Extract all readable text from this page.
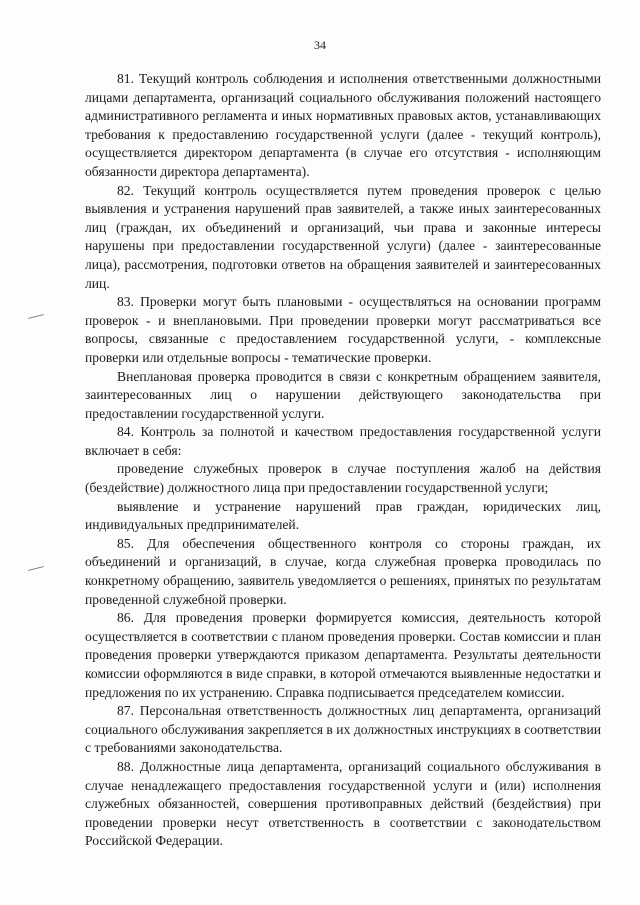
34

81. Текущий контроль соблюдения и исполнения ответственными должностными лицами департамента, организаций социального обслуживания положений настоящего административного регламента и иных нормативных правовых актов, устанавливающих требования к предоставлению государственной услуги (далее - текущий контроль), осуществляется директором департамента (в случае его отсутствия - исполняющим обязанности директора департамента).

82. Текущий контроль осуществляется путем проведения проверок с целью выявления и устранения нарушений прав заявителей, а также иных заинтересованных лиц (граждан, их объединений и организаций, чьи права и законные интересы нарушены при предоставлении государственной услуги) (далее - заинтересованные лица), рассмотрения, подготовки ответов на обращения заявителей и заинтересованных лиц.

83. Проверки могут быть плановыми - осуществляться на основании программ проверок - и внеплановыми. При проведении проверки могут рассматриваться все вопросы, связанные с предоставлением государственной услуги, - комплексные проверки или отдельные вопросы - тематические проверки.

Внеплановая проверка проводится в связи с конкретным обращением заявителя, заинтересованных лиц о нарушении действующего законодательства при предоставлении государственной услуги.

84. Контроль за полнотой и качеством предоставления государственной услуги включает в себя:

проведение служебных проверок в случае поступления жалоб на действия (бездействие) должностного лица при предоставлении государственной услуги;

выявление и устранение нарушений прав граждан, юридических лиц, индивидуальных предпринимателей.

85. Для обеспечения общественного контроля со стороны граждан, их объединений и организаций, в случае, когда служебная проверка проводилась по конкретному обращению, заявитель уведомляется о решениях, принятых по результатам проведенной служебной проверки.

86. Для проведения проверки формируется комиссия, деятельность которой осуществляется в соответствии с планом проведения проверки. Состав комиссии и план проведения проверки утверждаются приказом департамента. Результаты деятельности комиссии оформляются в виде справки, в которой отмечаются выявленные недостатки и предложения по их устранению. Справка подписывается председателем комиссии.

87. Персональная ответственность должностных лиц департамента, организаций социального обслуживания закрепляется в их должностных инструкциях в соответствии с требованиями законодательства.

88. Должностные лица департамента, организаций социального обслуживания в случае ненадлежащего предоставления государственной услуги и (или) исполнения служебных обязанностей, совершения противоправных действий (бездействия) при проведении проверки несут ответственность в соответствии с законодательством Российской Федерации.
